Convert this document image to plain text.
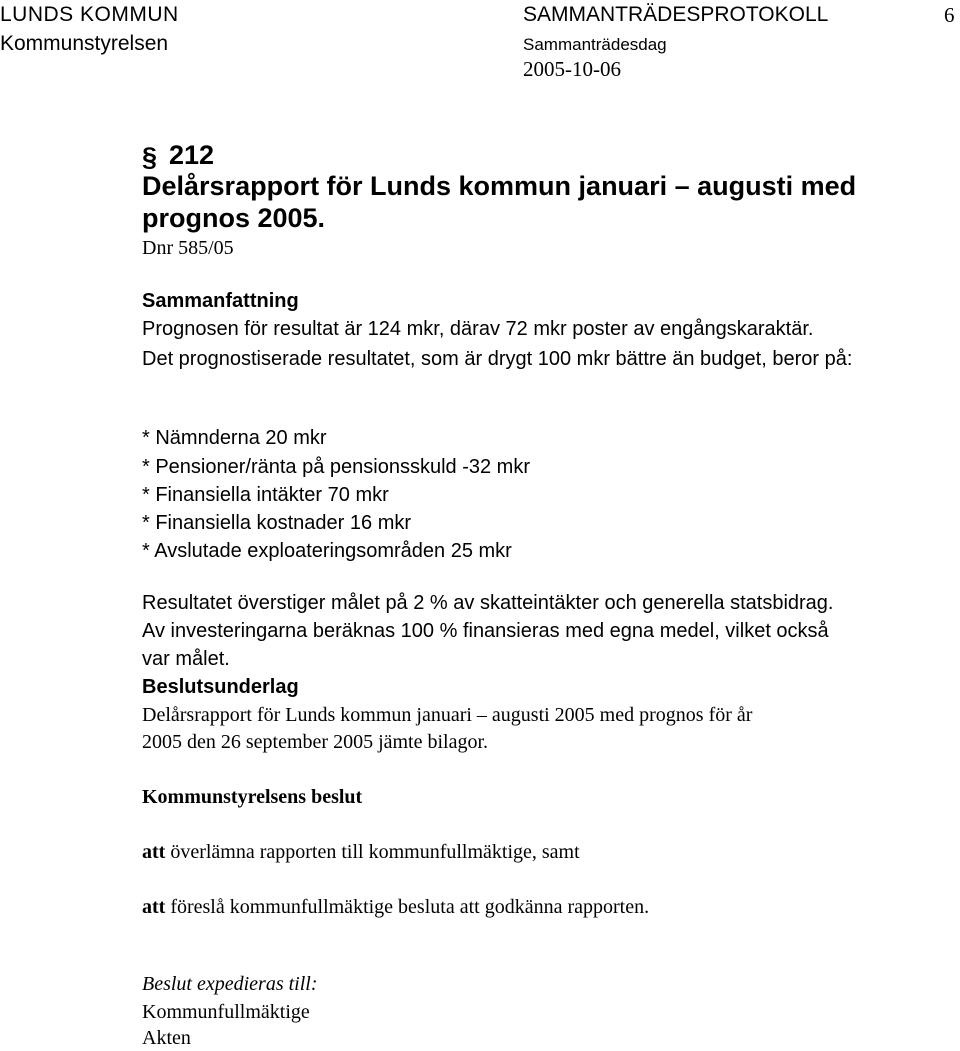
LUNDS KOMMUN
Kommunstyrelsen
SAMMANTRÄDESPROTOKOLL
Sammanträdesdag
2005-10-06
6
§ 212
Delårsrapport för Lunds kommun januari – augusti med
prognos 2005.
Dnr 585/05
Sammanfattning
Prognosen för resultat är 124 mkr, därav 72 mkr poster av engångskaraktär.
Det prognostiserade resultatet, som är drygt 100 mkr bättre än budget, beror på:
* Nämnderna 20 mkr
* Pensioner/ränta på pensionsskuld -32 mkr
* Finansiella intäkter 70 mkr
* Finansiella kostnader 16 mkr
* Avslutade exploateringsområden 25 mkr
Resultatet överstiger målet på 2 % av skatteintäkter och generella statsbidrag.
Av investeringarna beräknas 100 % finansieras med egna medel, vilket också
var målet.
Beslutsunderlag
Delårsrapport för Lunds kommun januari – augusti 2005 med prognos för år
2005 den 26 september 2005 jämte bilagor.
Kommunstyrelsens beslut
att överlämna rapporten till kommunfullmäktige, samt
att föreslå kommunfullmäktige besluta att godkänna rapporten.
Beslut expedieras till:
Kommunfullmäktige
Akten
